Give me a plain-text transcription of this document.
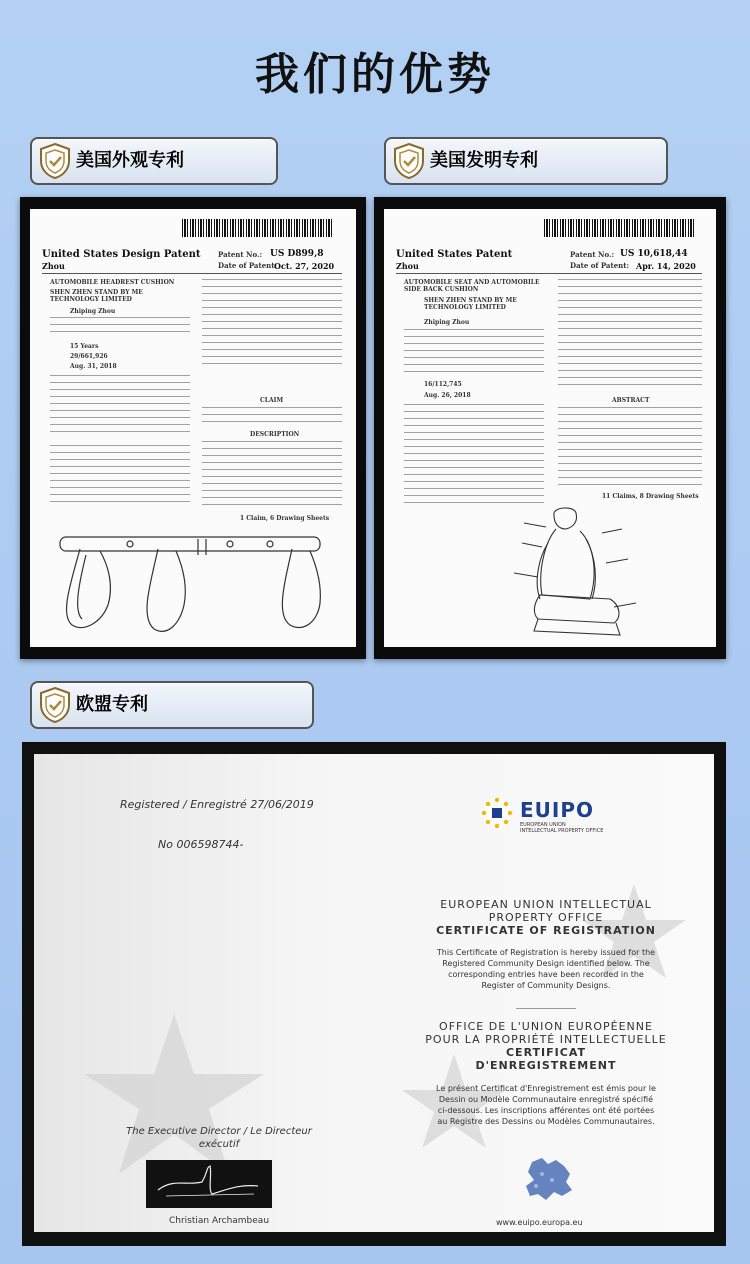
我们的优势
美国外观专利	美国发明专利
United States Design Patent
Zhou
Patent No.: US D899,8
Date of Patent:
Oct. 27, 2020
AUTOMOBILE HEADREST CUSHION
SHEN ZHEN STAND BY ME TECHNOLOGY LIMITED
Zhiping Zhou
15 Years
29/661,926
Aug. 31, 2018
CLAIM
DESCRIPTION
1 Claim, 6 Drawing Sheets
United States Patent
Zhou
Patent No.: US 10,618,44
Date of Patent: Apr. 14, 2020
AUTOMOBILE SEAT AND AUTOMOBILE SIDE BACK CUSHION
SHEN ZHEN STAND BY ME TECHNOLOGY LIMITED
Zhiping Zhou
16/112,745
Aug. 26, 2018
ABSTRACT
11 Claims, 8 Drawing Sheets
欧盟专利
Registered / Enregistré 27/06/2019
No 006598744-
EUIPO
EUROPEAN UNION
INTELLECTUAL PROPERTY OFFICE
EUROPEAN UNION INTELLECTUAL
PROPERTY OFFICE
CERTIFICATE OF REGISTRATION
This Certificate of Registration is hereby issued for the
Registered Community Design identified below. The
corresponding entries have been recorded in the
Register of Community Designs.
OFFICE DE L'UNION EUROPÉENNE
POUR LA PROPRIÉTÉ INTELLECTUELLE
CERTIFICAT
D'ENREGISTREMENT
Le présent Certificat d'Enregistrement est émis pour le
Dessin ou Modèle Communautaire enregistré spécifié
ci-dessous. Les inscriptions afférentes ont été portées
au Registre des Dessins ou Modèles Communautaires.
The Executive Director / Le Directeur
exécutif
Christian Archambeau	www.euipo.europa.eu
